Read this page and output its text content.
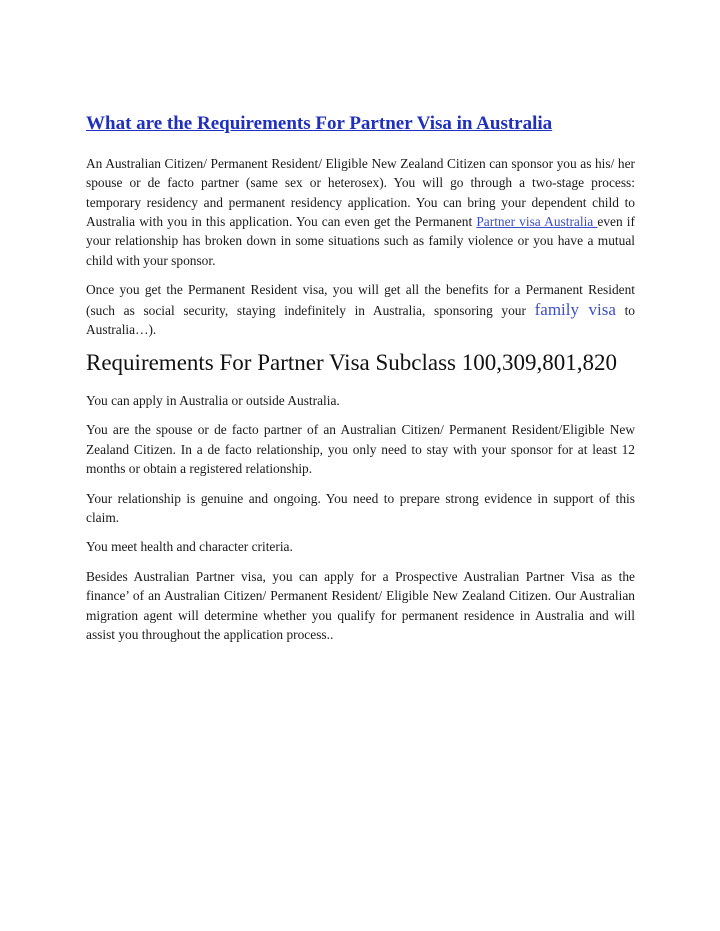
What are the Requirements For Partner Visa in Australia

An Australian Citizen/ Permanent Resident/ Eligible New Zealand Citizen can sponsor you as his/ her spouse or de facto partner (same sex or heterosex). You will go through a two-stage process: temporary residency and permanent residency application. You can bring your dependent child to Australia with you in this application. You can even get the Permanent Partner visa Australia even if your relationship has broken down in some situations such as family violence or you have a mutual child with your sponsor.

Once you get the Permanent Resident visa, you will get all the benefits for a Permanent Resident (such as social security, staying indefinitely in Australia, sponsoring your family visa to Australia…).

Requirements For Partner Visa Subclass 100,309,801,820

You can apply in Australia or outside Australia.

You are the spouse or de facto partner of an Australian Citizen/ Permanent Resident/Eligible New Zealand Citizen. In a de facto relationship, you only need to stay with your sponsor for at least 12 months or obtain a registered relationship.

Your relationship is genuine and ongoing. You need to prepare strong evidence in support of this claim.

You meet health and character criteria.

Besides Australian Partner visa, you can apply for a Prospective Australian Partner Visa as the finance’ of an Australian Citizen/ Permanent Resident/ Eligible New Zealand Citizen. Our Australian migration agent will determine whether you qualify for permanent residence in Australia and will assist you throughout the application process..
